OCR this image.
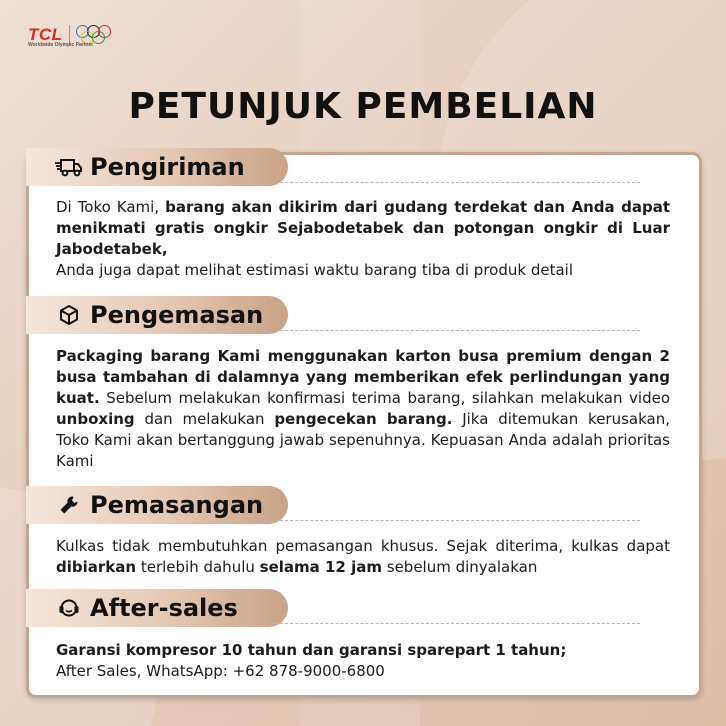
TCL
Worldwide Olympic Partner
PETUNJUK PEMBELIAN
Pengiriman
Di Toko Kami, barang akan dikirim dari gudang terdekat dan Anda dapat menikmati gratis ongkir Sejabodetabek dan potongan ongkir di Luar Jabodetabek,
Anda juga dapat melihat estimasi waktu barang tiba di produk detail
Pengemasan
Packaging barang Kami menggunakan karton busa premium dengan 2 busa tambahan di dalamnya yang memberikan efek perlindungan yang kuat. Sebelum melakukan konfirmasi terima barang, silahkan melakukan video unboxing dan melakukan pengecekan barang. Jika ditemukan kerusakan, Toko Kami akan bertanggung jawab sepenuhnya. Kepuasan Anda adalah prioritas Kami
Pemasangan
Kulkas tidak membutuhkan pemasangan khusus. Sejak diterima, kulkas dapat dibiarkan terlebih dahulu selama 12 jam sebelum dinyalakan
After-sales
Garansi kompresor 10 tahun dan garansi sparepart 1 tahun;
After Sales, WhatsApp: +62 878-9000-6800
